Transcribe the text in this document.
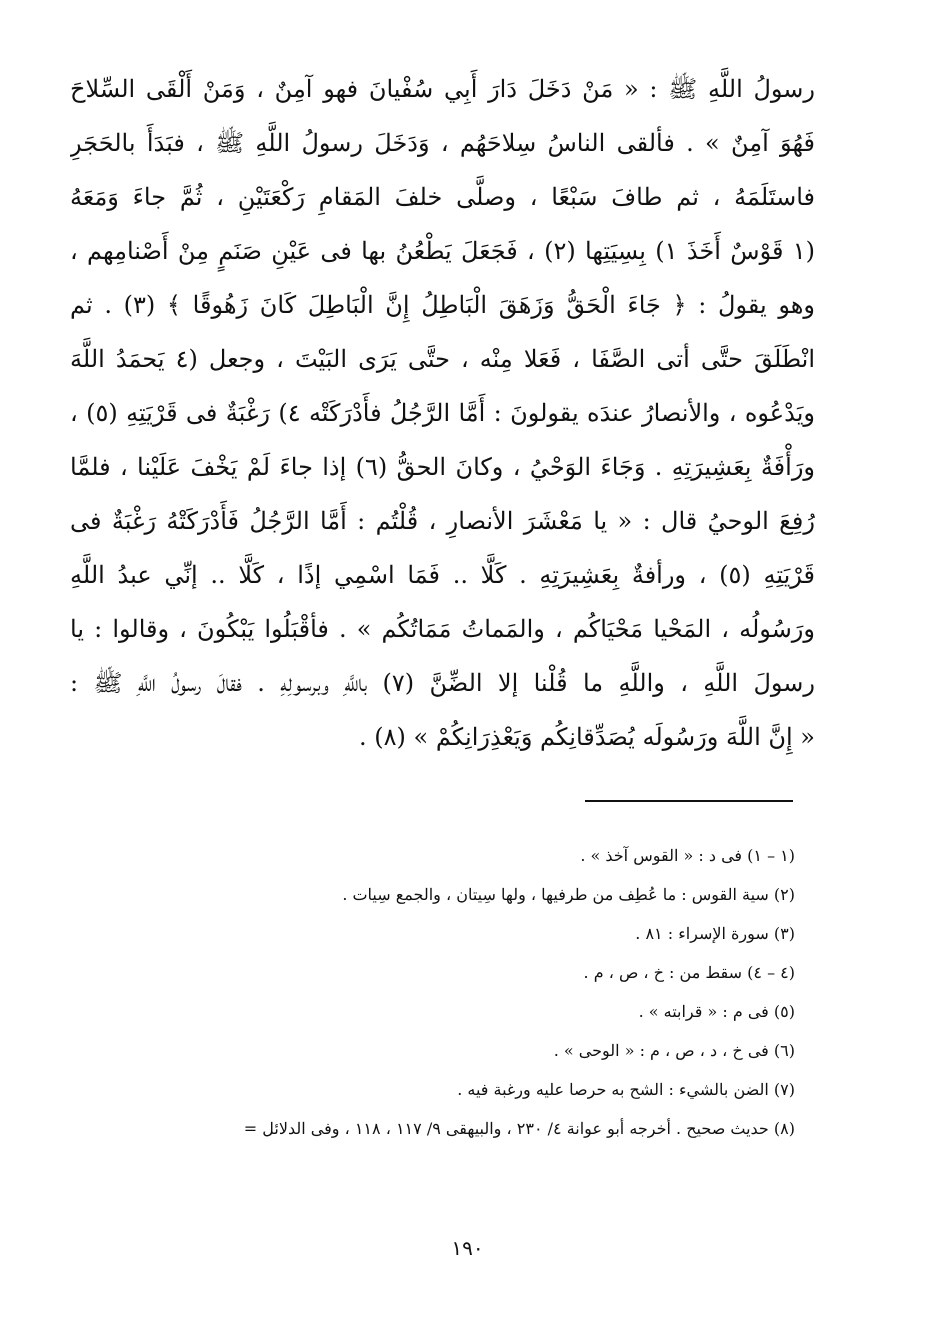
رسولُ اللَّهِ ﷺ : « مَنْ دَخَلَ دَارَ أَبِي سُفْيانَ فهو آمِنٌ ، وَمَنْ أَلْقَى السِّلاحَ
فَهُوَ آمِنٌ » . فألقى الناسُ سِلاحَهُم ، وَدَخَلَ رسولُ اللَّهِ ﷺ ، فبَدَأَ بالحَجَرِ
فاستَلَمَهُ ، ثم طافَ سَبْعًا ، وصلَّى خلفَ المَقامِ رَكْعَتَيْنِ ، ثُمَّ جاءَ وَمَعَهُ
(١ قَوْسٌ أَخَذَ ١) بِسِيَتِها (٢) ، فَجَعَلَ يَطْعُنُ بها فى عَيْنِ صَنَمٍ مِنْ أَصْنامِهم ،
وهو يقولُ : ﴿ جَاءَ الْحَقُّ وَزَهَقَ الْبَاطِلُ إِنَّ الْبَاطِلَ كَانَ زَهُوقًا ﴾ (٣) . ثم
انْطَلَقَ حتَّى أتى الصَّفَا ، فَعَلا مِنْه ، حتَّى يَرَى البَيْتَ ، وجعل (٤ يَحمَدُ اللَّهَ
ويَدْعُوه ، والأنصارُ عندَه يقولونَ : أَمَّا الرَّجُلُ فأَدْرَكَتْه ٤) رَغْبَةٌ فى قَرْيَتِهِ (٥) ،
ورَأْفَةٌ بِعَشِيرَتِهِ . وَجَاءَ الوَحْيُ ، وكانَ الحقُّ (٦) إذا جاءَ لَمْ يَخْفَ عَلَيْنا ، فلمَّا
رُفِعَ الوحيُ قال : « يا مَعْشَرَ الأنصارِ ، قُلْتُم : أَمَّا الرَّجُلُ فَأَدْرَكَتْهُ رَغْبَةٌ فى
قَرْيَتِهِ (٥) ، ورأفةٌ بِعَشِيرَتِهِ . كَلَّا .. فَمَا اسْمِي إذًا ، كَلَّا .. إنِّي عبدُ اللَّهِ
ورَسُولُه ، المَحْيا مَحْيَاكُم ، والمَماتُ مَمَاتُكُم » . فأقْبَلُوا يَبْكُونَ ، وقالوا : يا
رسولَ اللَّهِ ، واللَّهِ ما قُلْنا إلا الضِّنَّ (٧) باللَّهِ وبرسولِهِ . فقالَ رسولُ اللَّهِ ﷺ :
« إِنَّ اللَّهَ ورَسُولَه يُصَدِّقانِكُم وَيَعْذِرَانِكُمْ » (٨) .
(١ – ١) فى د : « القوس آخذ » .
(٢) سية القوس : ما عُطِف من طرفيها ، ولها سِيتان ، والجمع سِيات .
(٣) سورة الإسراء : ٨١ .
(٤ – ٤) سقط من : خ ، ص ، م .
(٥) فى م : « قرابته » .
(٦) فى خ ، د ، ص ، م : « الوحى » .
(٧) الضن بالشيء : الشح به حرصا عليه ورغبة فيه .
(٨) حديث صحيح . أخرجه أبو عوانة ٤/ ٢٣٠ ، والبيهقى ٩/ ١١٧ ، ١١٨ ، وفى الدلائل =
١٩٠
